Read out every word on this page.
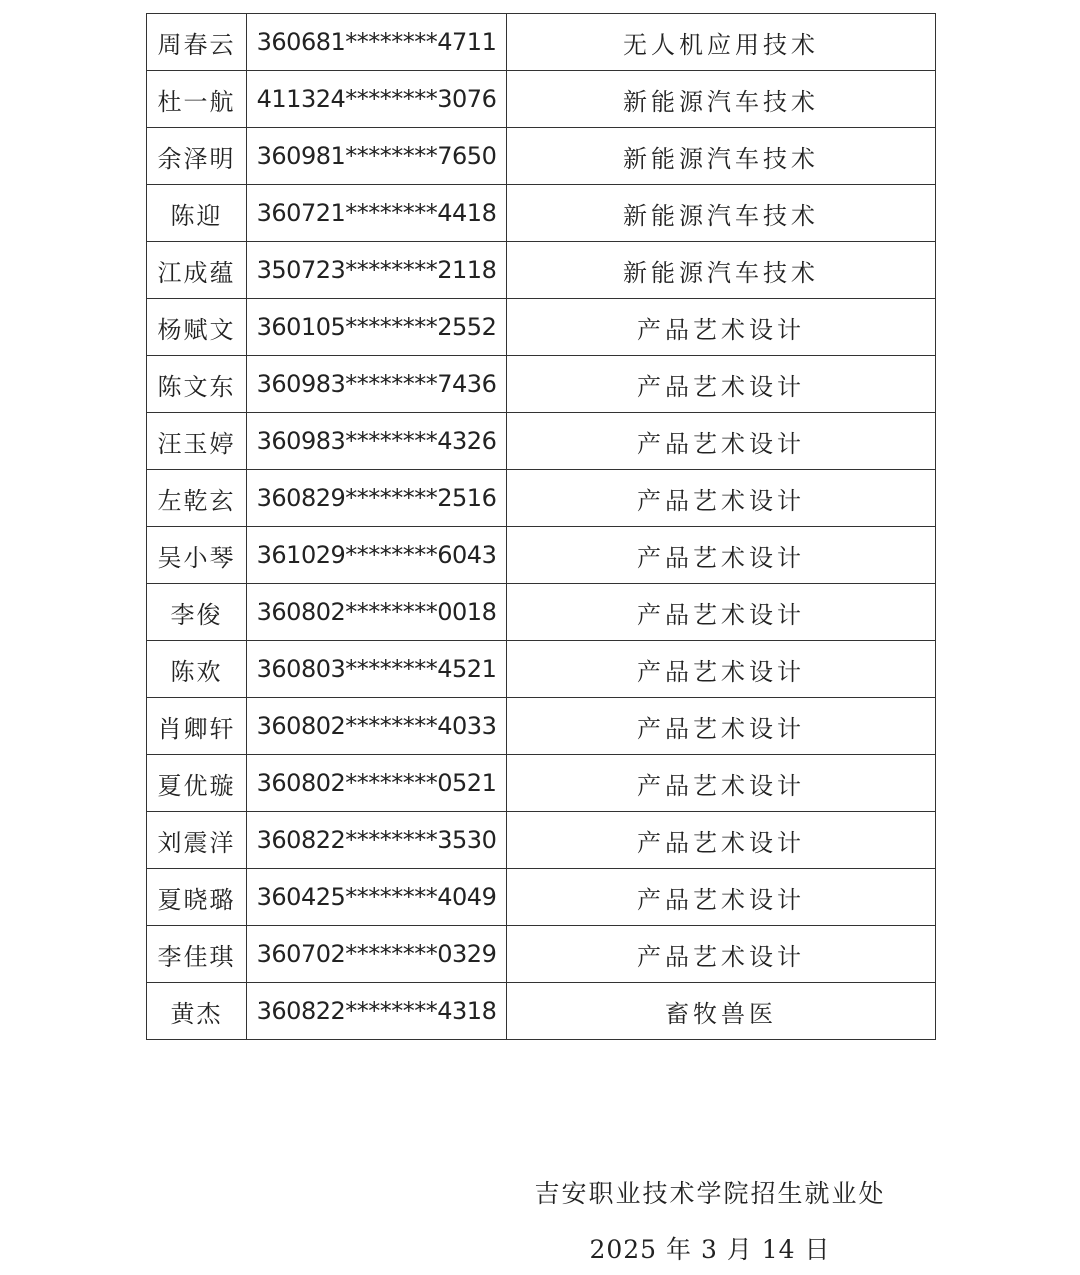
周春云	360681********4711	无人机应用技术
杜一航	411324********3076	新能源汽车技术
余泽明	360981********7650	新能源汽车技术
陈迎	360721********4418	新能源汽车技术
江成蕴	350723********2118	新能源汽车技术
杨赋文	360105********2552	产品艺术设计
陈文东	360983********7436	产品艺术设计
汪玉婷	360983********4326	产品艺术设计
左乾玄	360829********2516	产品艺术设计
吴小琴	361029********6043	产品艺术设计
李俊	360802********0018	产品艺术设计
陈欢	360803********4521	产品艺术设计
肖卿轩	360802********4033	产品艺术设计
夏优璇	360802********0521	产品艺术设计
刘震洋	360822********3530	产品艺术设计
夏晓璐	360425********4049	产品艺术设计
李佳琪	360702********0329	产品艺术设计
黄杰	360822********4318	畜牧兽医
吉安职业技术学院招生就业处
2025 年 3 月 14 日
